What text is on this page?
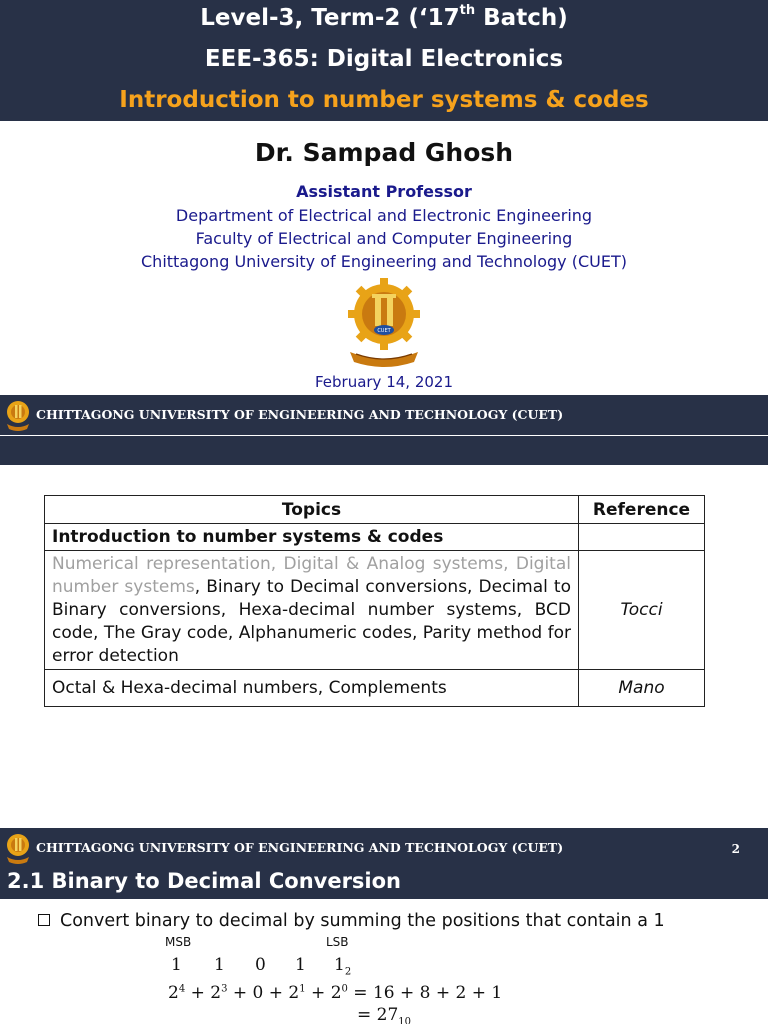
Level-3, Term-2 (‘17th Batch)
EEE-365: Digital Electronics
Introduction to number systems & codes
Dr. Sampad Ghosh
Assistant Professor
Department of Electrical and Electronic Engineering
Faculty of Electrical and Computer Engineering
Chittagong University of Engineering and Technology (CUET)
CUET
February 14, 2021
CHITTAGONG UNIVERSITY OF ENGINEERING AND TECHNOLOGY (CUET)
Topics	Reference
Introduction to number systems & codes	
Numerical representation, Digital & Analog systems, Digital number systems, Binary to Decimal conversions, Decimal to Binary conversions, Hexa-decimal number systems, BCD code, The Gray code, Alphanumeric codes, Parity method for error detection	Tocci
Octal & Hexa-decimal numbers, Complements	Mano
CHITTAGONG UNIVERSITY OF ENGINEERING AND TECHNOLOGY (CUET)	2
2.1 Binary to Decimal Conversion
Convert binary to decimal by summing the positions that contain a 1
MSB	LSB
1 1 0 1 $1_2$
$2^4 + 2^3 + 0 + 2^1 + 2^0 = 16 + 8 + 2 + 1$
= $27_{10}$
